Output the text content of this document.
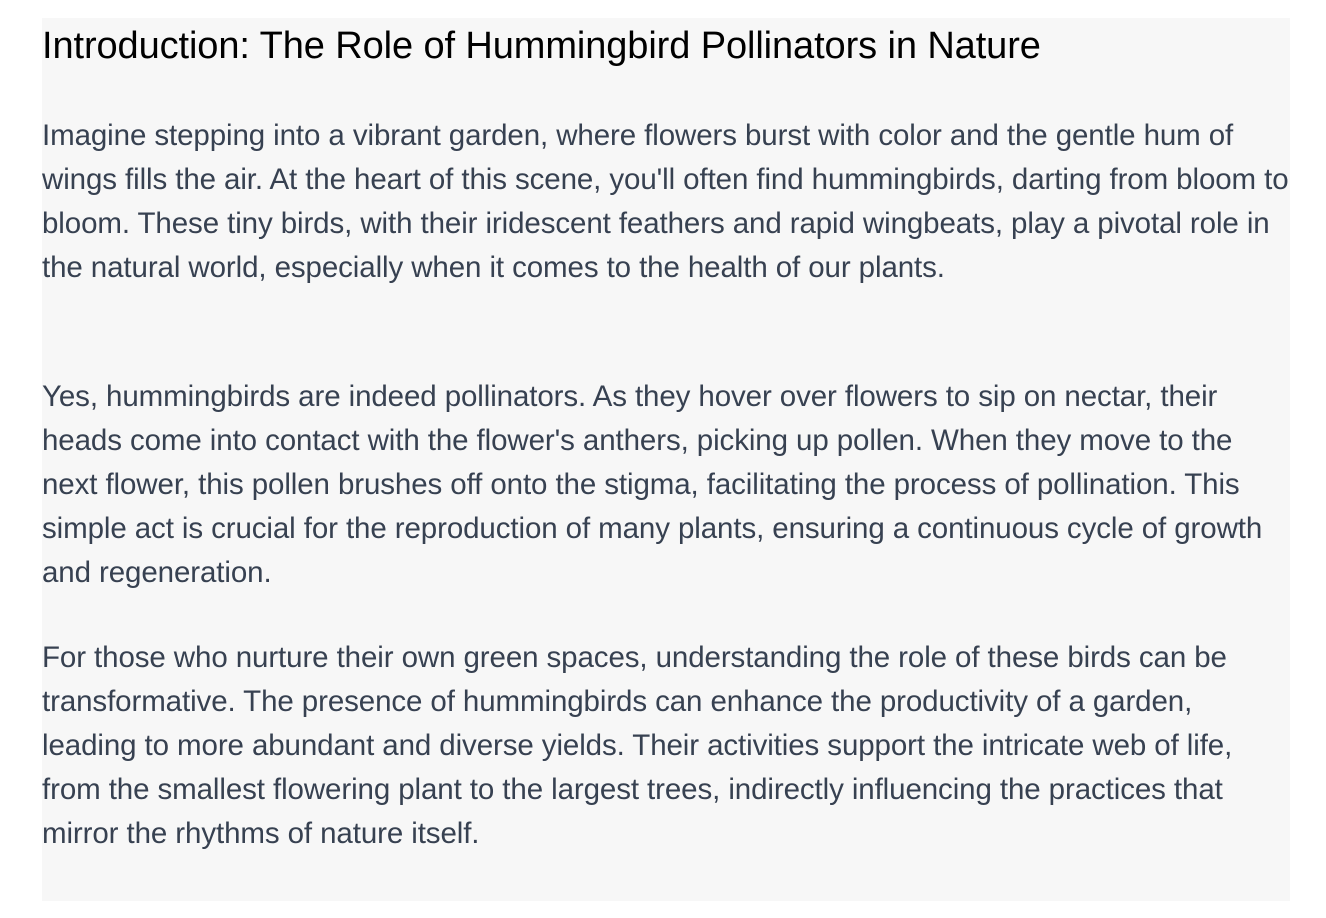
Introduction: The Role of Hummingbird Pollinators in Nature

Imagine stepping into a vibrant garden, where flowers burst with color and the gentle hum of wings fills the air. At the heart of this scene, you'll often find hummingbirds, darting from bloom to bloom. These tiny birds, with their iridescent feathers and rapid wingbeats, play a pivotal role in the natural world, especially when it comes to the health of our plants.

Yes, hummingbirds are indeed pollinators. As they hover over flowers to sip on nectar, their heads come into contact with the flower's anthers, picking up pollen. When they move to the next flower, this pollen brushes off onto the stigma, facilitating the process of pollination. This simple act is crucial for the reproduction of many plants, ensuring a continuous cycle of growth and regeneration.

For those who nurture their own green spaces, understanding the role of these birds can be transformative. The presence of hummingbirds can enhance the productivity of a garden, leading to more abundant and diverse yields. Their activities support the intricate web of life, from the smallest flowering plant to the largest trees, indirectly influencing the practices that mirror the rhythms of nature itself.
